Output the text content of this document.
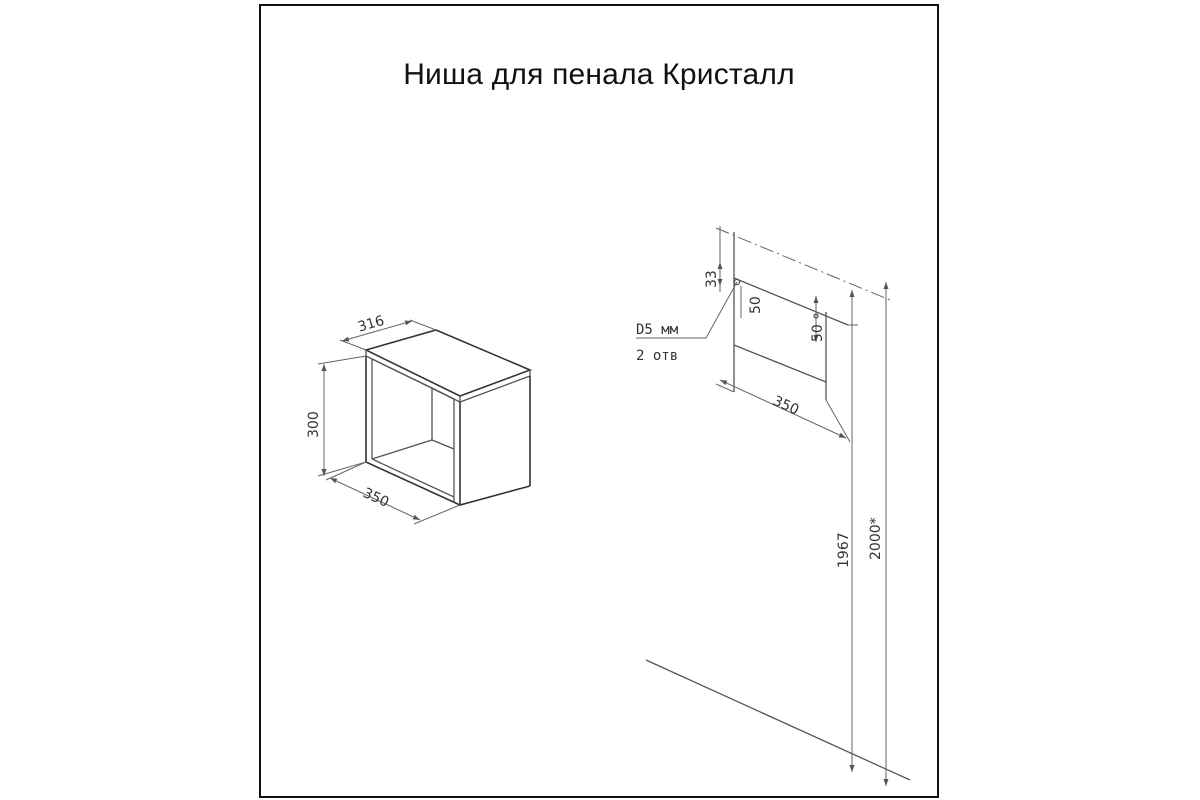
Ниша для пенала Кристалл
316
300
350
33
50
50
D5 мм
2 отв
350
1967 2000*
